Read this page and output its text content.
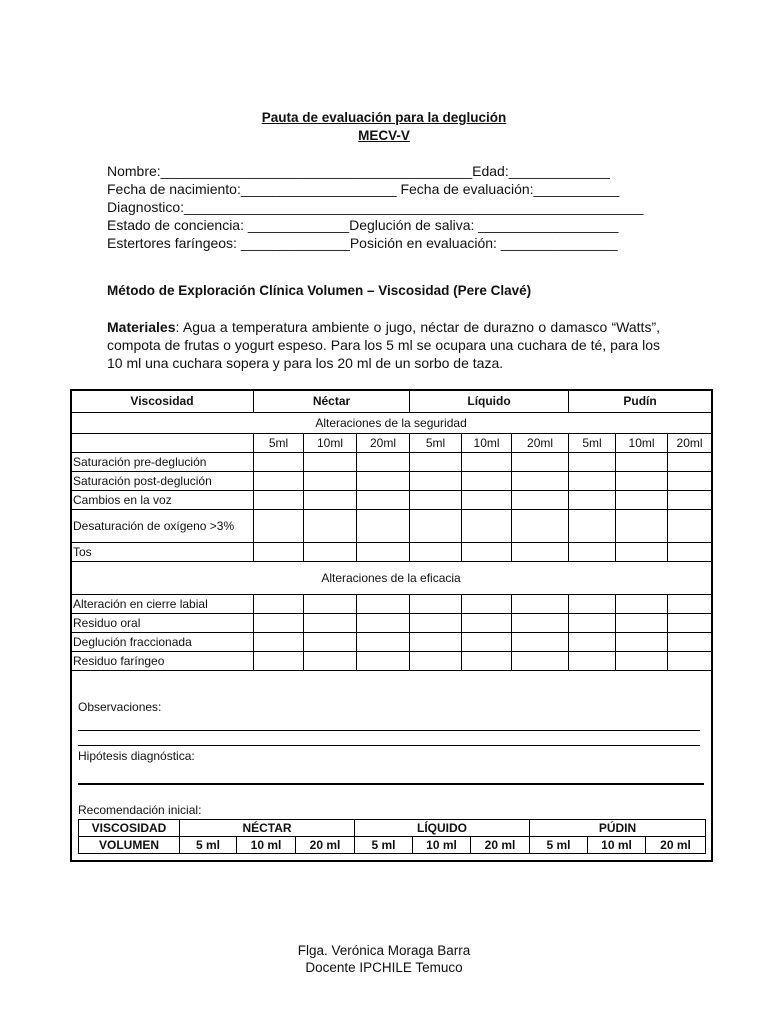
Pauta de evaluación para la deglución
MECV-V
Nombre:________________________________________Edad:_____________
Fecha de nacimiento:____________________ Fecha de evaluación:___________
Diagnostico:___________________________________________________________
Estado de conciencia: _____________Deglución de saliva: __________________
Estertores faríngeos: ______________Posición en evaluación: _______________
Método de Exploración Clínica Volumen – Viscosidad (Pere Clavé)
Materiales: Agua a temperatura ambiente o jugo, néctar de durazno o damasco “Watts”, compota de frutas o yogurt espeso. Para los 5 ml se ocupara una cuchara de té, para los 10 ml una cuchara sopera y para los 20 ml de un sorbo de taza.
Viscosidad	Néctar			Líquido			Pudín		
Alteraciones de la seguridad									
	5ml	10ml	20ml	5ml	10ml	20ml	5ml	10ml	20ml
Saturación pre-deglución									
Saturación post-deglución									
Cambios en la voz									
Desaturación de oxígeno >3%									
Tos									
Alteraciones de la eficacia									
Alteración en cierre labial									
Residuo oral									
Deglución fraccionada									
Residuo faríngeo									
Observaciones:
Hipótesis diagnóstica:
Recomendación inicial:
VISCOSIDAD	NÉCTAR			LÍQUIDO			PÚDIN		
VOLUMEN	5 ml	10 ml	20 ml	5 ml	10 ml	20 ml	5 ml	10 ml	20 ml
Flga. Verónica Moraga Barra
Docente IPCHILE Temuco
